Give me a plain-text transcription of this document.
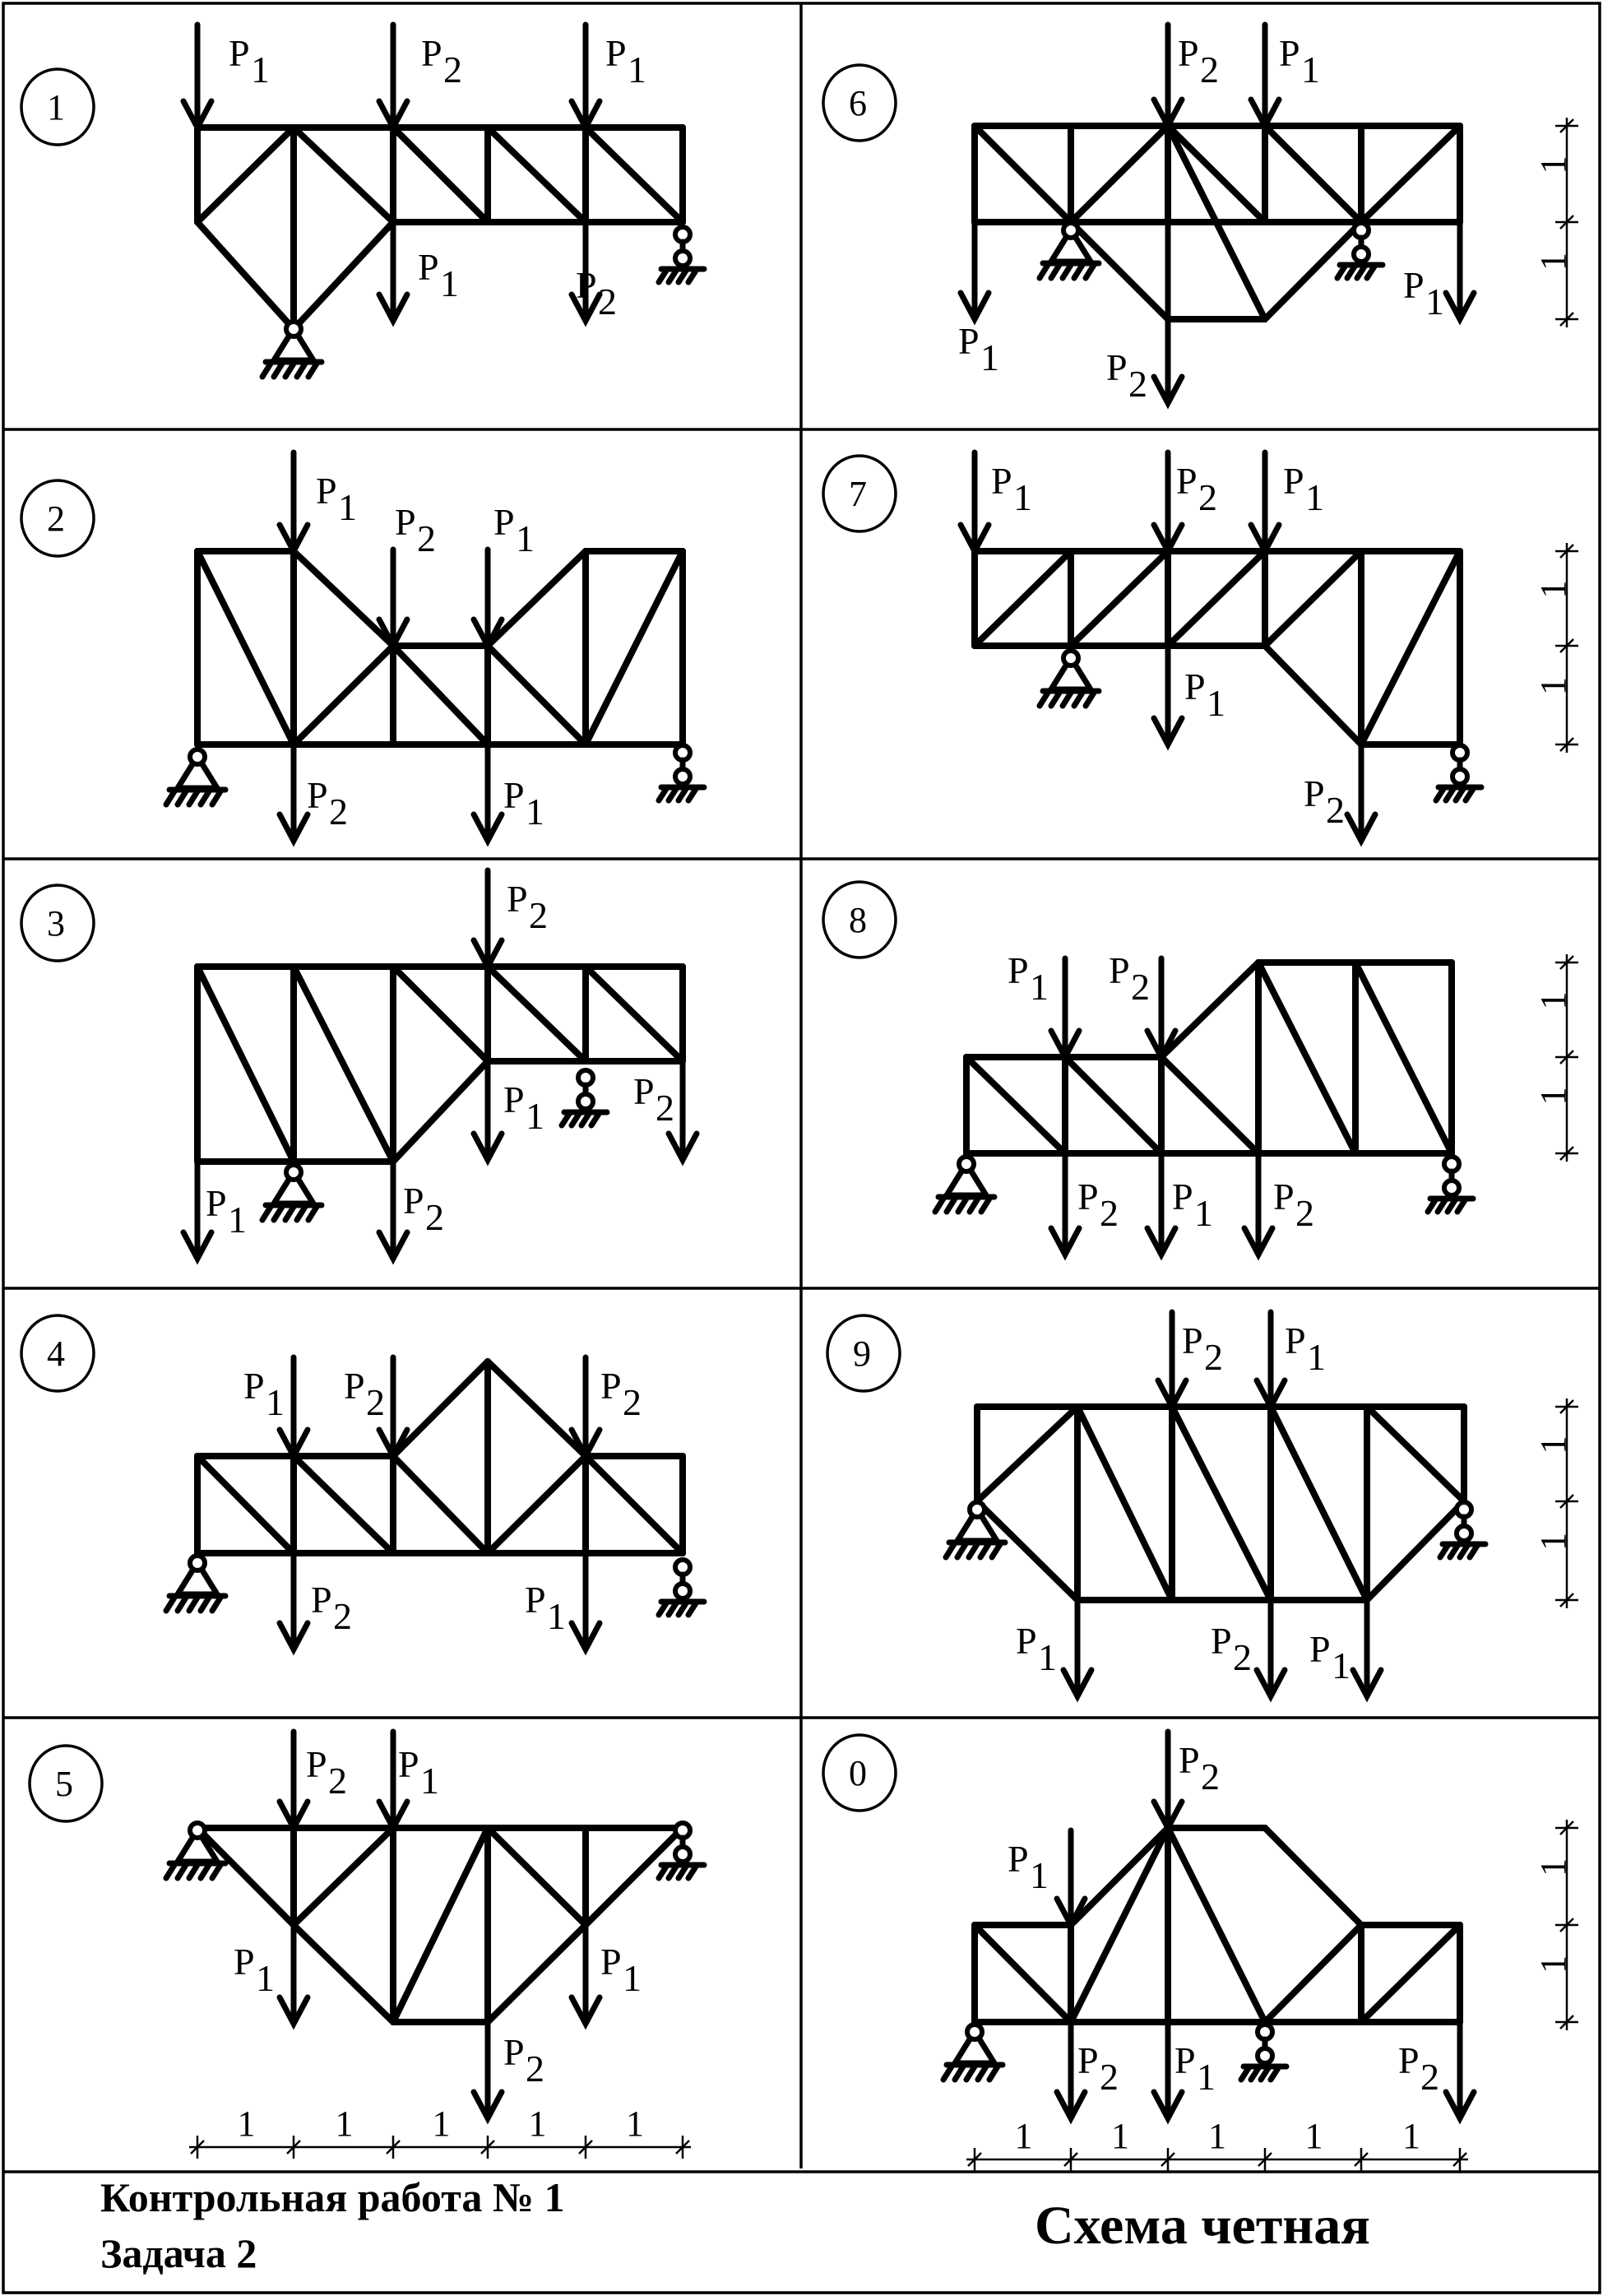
P 1	P 2	P 1
P 1	P 2
P 1 P 2 P 1
P 2	P 1
P 2
P 1	P 2
P 1
P 2
P 1 P 2	P 2
P 2	P 1
P 2 P 1
P 1	P 1
P 2
P 2 P 1
P 1	P 2
P 1
P 1	P 2 P 1
P 1
P 2
P 1 P 2
P 2 P 1 P 2
P 2 P 1
P 1	P 2 P 1
P 2
P 1
P 2 P 1	P 2
1 1 1 1 1
1
1
1
1
1
1
1
1
1
1
1 1 1 1 1
1
2
3
4
5
6
7
8
9
0
Контрольная работа № 1
Задача 2	Схема четная
